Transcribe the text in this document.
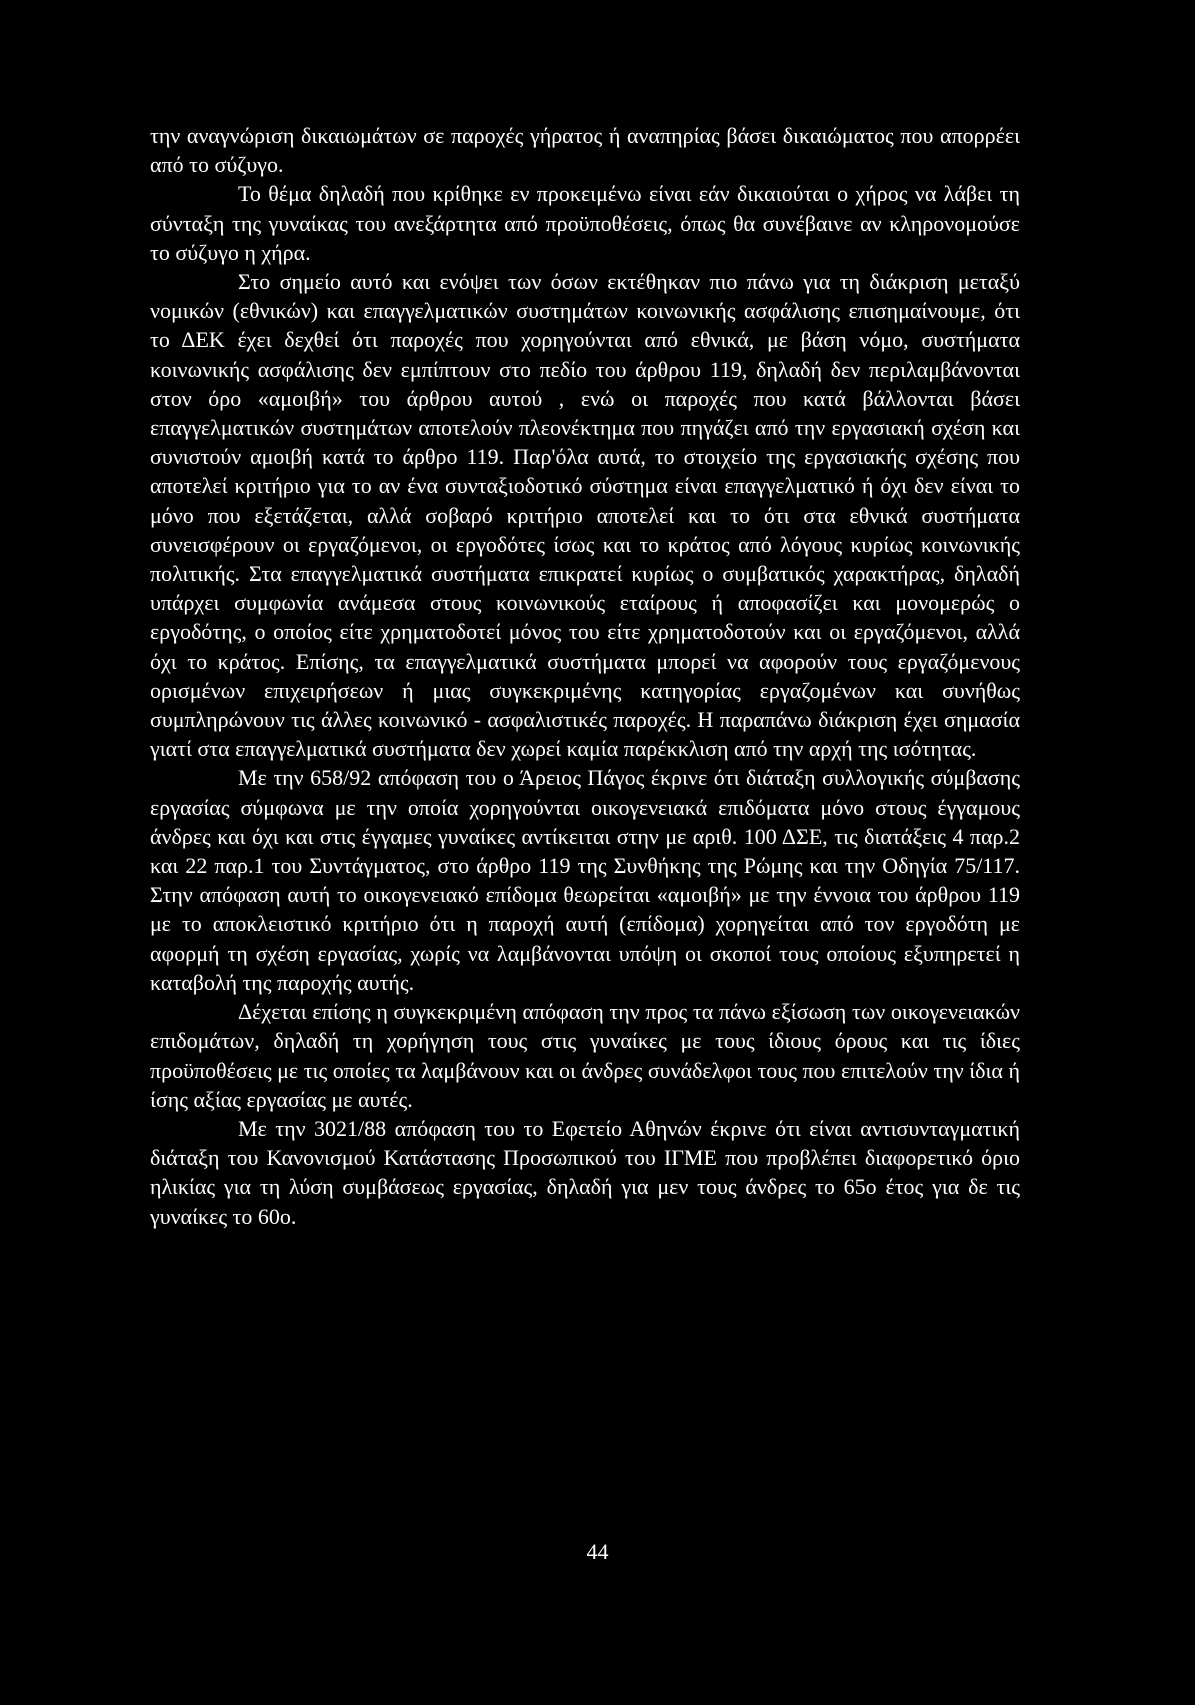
την αναγνώριση δικαιωμάτων σε παροχές γήρατος ή αναπηρίας βάσει δικαιώματος που απορρέει από το σύζυγο.

Το θέμα δηλαδή που κρίθηκε εν προκειμένω είναι εάν δικαιούται ο χήρος να λάβει τη σύνταξη της γυναίκας του ανεξάρτητα από προϋποθέσεις, όπως θα συνέβαινε αν κληρονομούσε το σύζυγο η χήρα.

Στο σημείο αυτό και ενόψει των όσων εκτέθηκαν πιο πάνω για τη διάκριση μεταξύ νομικών (εθνικών) και επαγγελματικών συστημάτων κοινωνικής ασφάλισης επισημαίνουμε, ότι το ΔΕΚ έχει δεχθεί ότι παροχές που χορηγούνται από εθνικά, με βάση νόμο, συστήματα κοινωνικής ασφάλισης δεν εμπίπτουν στο πεδίο του άρθρου 119, δηλαδή δεν περιλαμβάνονται στον όρο «αμοιβή» του άρθρου αυτού , ενώ οι παροχές που κατά βάλλονται βάσει επαγγελματικών συστημάτων αποτελούν πλεονέκτημα που πηγάζει από την εργασιακή σχέση και συνιστούν αμοιβή κατά το άρθρο 119. Παρ'όλα αυτά, το στοιχείο της εργασιακής σχέσης που αποτελεί κριτήριο για το αν ένα συνταξιοδοτικό σύστημα είναι επαγγελματικό ή όχι δεν είναι το μόνο που εξετάζεται, αλλά σοβαρό κριτήριο αποτελεί και το ότι στα εθνικά συστήματα συνεισφέρουν οι εργαζόμενοι, οι εργοδότες ίσως και το κράτος από λόγους κυρίως κοινωνικής πολιτικής. Στα επαγγελματικά συστήματα επικρατεί κυρίως ο συμβατικός χαρακτήρας, δηλαδή υπάρχει συμφωνία ανάμεσα στους κοινωνικούς εταίρους ή αποφασίζει και μονομερώς ο εργοδότης, ο οποίος είτε χρηματοδοτεί μόνος του είτε χρηματοδοτούν και οι εργαζόμενοι, αλλά όχι το κράτος. Επίσης, τα επαγγελματικά συστήματα μπορεί να αφορούν τους εργαζόμενους ορισμένων επιχειρήσεων ή μιας συγκεκριμένης κατηγορίας εργαζομένων και συνήθως συμπληρώνουν τις άλλες κοινωνικό - ασφαλιστικές παροχές. Η παραπάνω διάκριση έχει σημασία γιατί στα επαγγελματικά συστήματα δεν χωρεί καμία παρέκκλιση από την αρχή της ισότητας.

Με την 658/92 απόφαση του ο Άρειος Πάγος έκρινε ότι διάταξη συλλογικής σύμβασης εργασίας σύμφωνα με την οποία χορηγούνται οικογενειακά επιδόματα μόνο στους έγγαμους άνδρες και όχι και στις έγγαμες γυναίκες αντίκειται στην με αριθ. 100 ΔΣΕ, τις διατάξεις 4 παρ.2 και 22 παρ.1 του Συντάγματος, στο άρθρο 119 της Συνθήκης της Ρώμης και την Οδηγία 75/117. Στην απόφαση αυτή το οικογενειακό επίδομα θεωρείται «αμοιβή» με την έννοια του άρθρου 119 με το αποκλειστικό κριτήριο ότι η παροχή αυτή (επίδομα) χορηγείται από τον εργοδότη με αφορμή τη σχέση εργασίας, χωρίς να λαμβάνονται υπόψη οι σκοποί τους οποίους εξυπηρετεί η καταβολή της παροχής αυτής.

Δέχεται επίσης η συγκεκριμένη απόφαση την προς τα πάνω εξίσωση των οικογενειακών επιδομάτων, δηλαδή τη χορήγηση τους στις γυναίκες με τους ίδιους όρους και τις ίδιες προϋποθέσεις με τις οποίες τα λαμβάνουν και οι άνδρες συνάδελφοι τους που επιτελούν την ίδια ή ίσης αξίας εργασίας με αυτές.

Με την 3021/88 απόφαση του το Εφετείο Αθηνών έκρινε ότι είναι αντισυνταγματική διάταξη του Κανονισμού Κατάστασης Προσωπικού του ΙΓΜΕ που προβλέπει διαφορετικό όριο ηλικίας για τη λύση συμβάσεως εργασίας, δηλαδή για μεν τους άνδρες το 65ο έτος για δε τις γυναίκες το 60ο.

44
